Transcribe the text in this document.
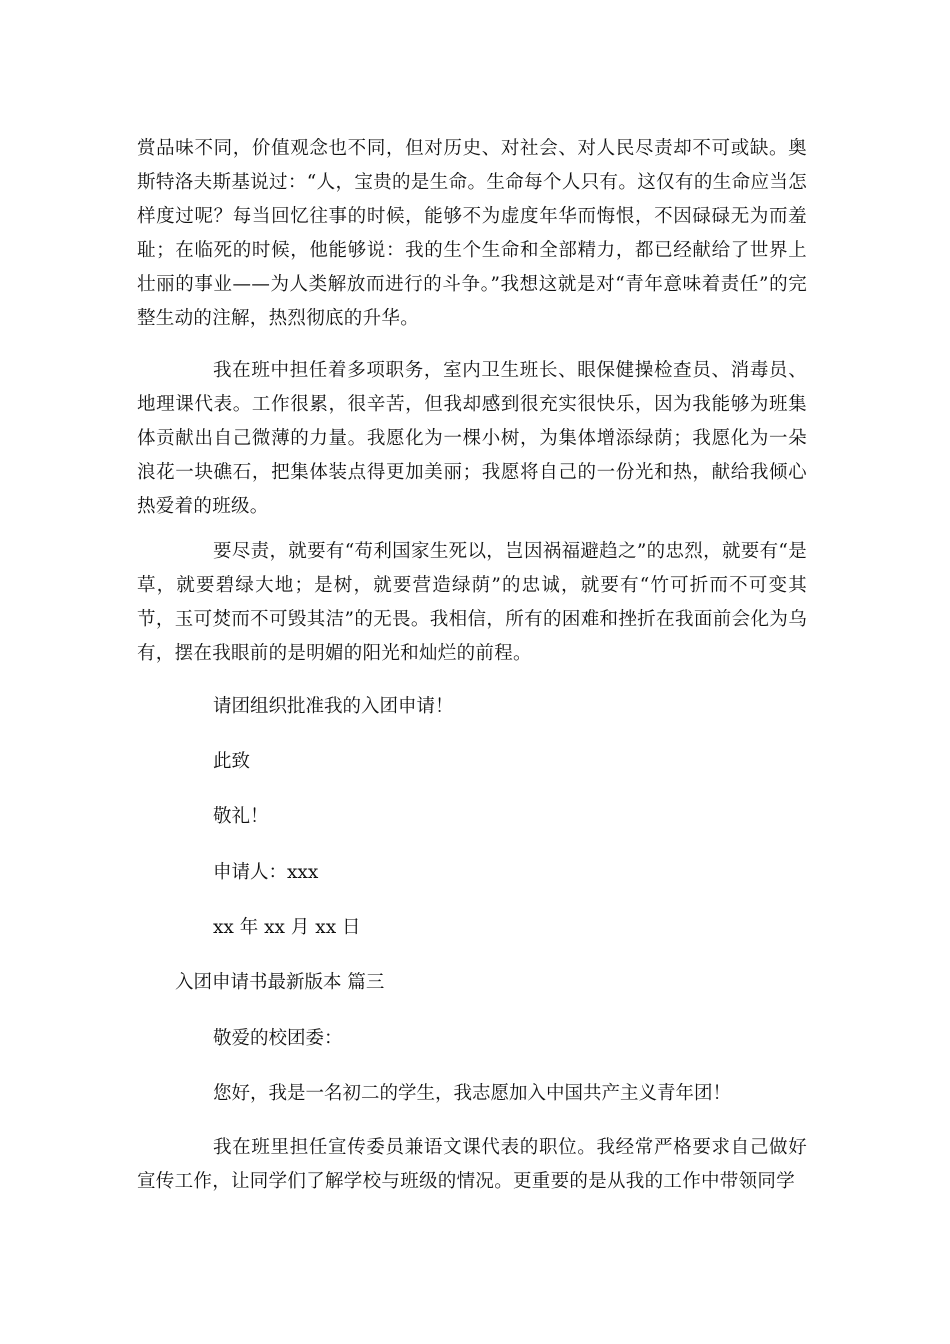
赏品味不同，价值观念也不同，但对历史、对社会、对人民尽责却不可或缺。奥斯特洛夫斯基说过：“人，宝贵的是生命。生命每个人只有。这仅有的生命应当怎样度过呢？每当回忆往事的时候，能够不为虚度年华而悔恨，不因碌碌无为而羞耻；在临死的时候，他能够说：我的生个生命和全部精力，都已经献给了世界上壮丽的事业——为人类解放而进行的斗争。”我想这就是对“青年意味着责任”的完整生动的注解，热烈彻底的升华。

我在班中担任着多项职务，室内卫生班长、眼保健操检查员、消毒员、地理课代表。工作很累，很辛苦，但我却感到很充实很快乐，因为我能够为班集体贡献出自己微薄的力量。我愿化为一棵小树，为集体增添绿荫；我愿化为一朵浪花一块礁石，把集体装点得更加美丽；我愿将自己的一份光和热，献给我倾心热爱着的班级。

要尽责，就要有“苟利国家生死以，岂因祸福避趋之”的忠烈，就要有“是草，就要碧绿大地；是树，就要营造绿荫”的忠诚，就要有“竹可折而不可变其节，玉可焚而不可毁其洁”的无畏。我相信，所有的困难和挫折在我面前会化为乌有，摆在我眼前的是明媚的阳光和灿烂的前程。

请团组织批准我的入团申请！

此致

敬礼！

申请人：xxx

xx 年 xx 月 xx 日

入团申请书最新版本 篇三

敬爱的校团委：

您好，我是一名初二的学生，我志愿加入中国共产主义青年团！

我在班里担任宣传委员兼语文课代表的职位。我经常严格要求自己做好宣传工作，让同学们了解学校与班级的情况。更重要的是从我的工作中带领同学
